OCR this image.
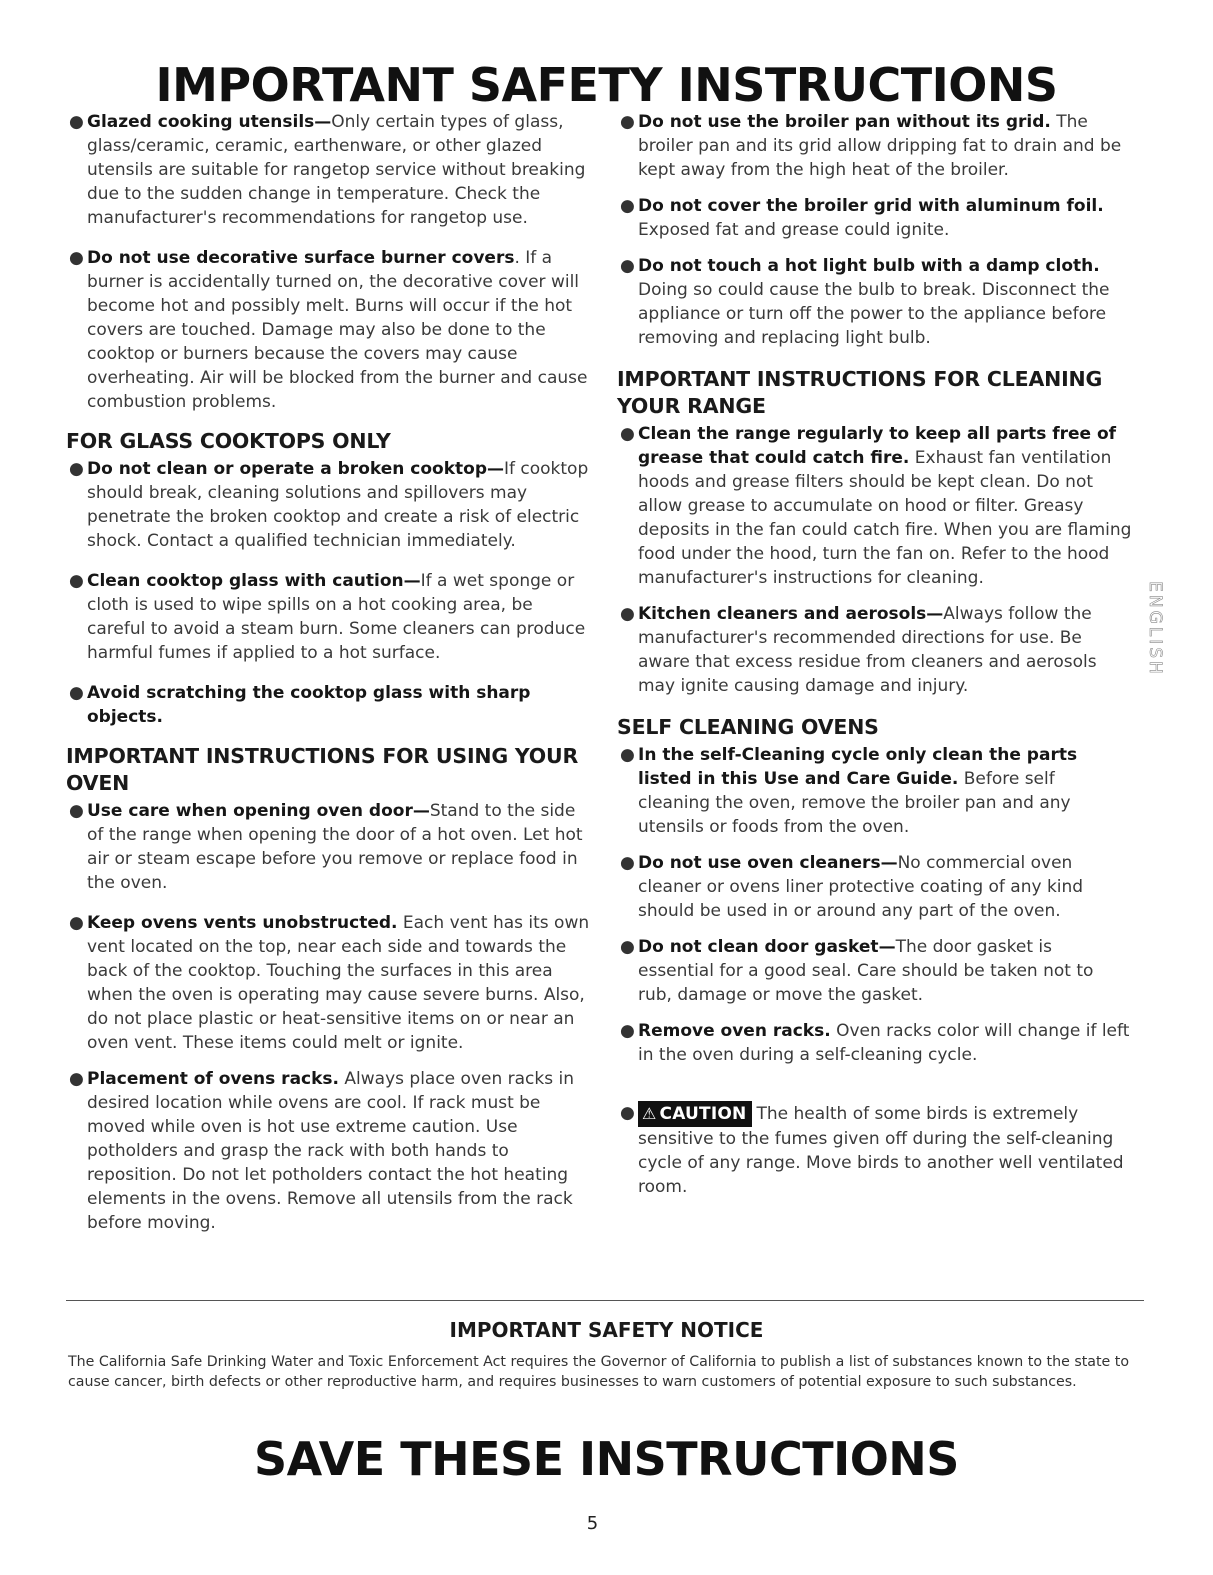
IMPORTANT SAFETY INSTRUCTIONS

● Glazed cooking utensils—Only certain types of glass, glass/ceramic, ceramic, earthenware, or other glazed utensils are suitable for rangetop service without breaking due to the sudden change in temperature. Check the manufacturer's recommendations for rangetop use.

● Do not use decorative surface burner covers. If a burner is accidentally turned on, the decorative cover will become hot and possibly melt. Burns will occur if the hot covers are touched. Damage may also be done to the cooktop or burners because the covers may cause overheating. Air will be blocked from the burner and cause combustion problems.

FOR GLASS COOKTOPS ONLY

● Do not clean or operate a broken cooktop—If cooktop should break, cleaning solutions and spillovers may penetrate the broken cooktop and create a risk of electric shock. Contact a qualified technician immediately.

● Clean cooktop glass with caution—If a wet sponge or cloth is used to wipe spills on a hot cooking area, be careful to avoid a steam burn. Some cleaners can produce harmful fumes if applied to a hot surface.

● Avoid scratching the cooktop glass with sharp objects.

IMPORTANT INSTRUCTIONS FOR USING YOUR OVEN

● Use care when opening oven door—Stand to the side of the range when opening the door of a hot oven. Let hot air or steam escape before you remove or replace food in the oven.

● Keep ovens vents unobstructed. Each vent has its own vent located on the top, near each side and towards the back of the cooktop. Touching the surfaces in this area when the oven is operating may cause severe burns. Also, do not place plastic or heat-sensitive items on or near an oven vent. These items could melt or ignite.

● Placement of ovens racks. Always place oven racks in desired location while ovens are cool. If rack must be moved while oven is hot use extreme caution. Use potholders and grasp the rack with both hands to reposition. Do not let potholders contact the hot heating elements in the ovens. Remove all utensils from the rack before moving.

● Do not use the broiler pan without its grid. The broiler pan and its grid allow dripping fat to drain and be kept away from the high heat of the broiler.

● Do not cover the broiler grid with aluminum foil. Exposed fat and grease could ignite.

● Do not touch a hot light bulb with a damp cloth. Doing so could cause the bulb to break. Disconnect the appliance or turn off the power to the appliance before removing and replacing light bulb.

IMPORTANT INSTRUCTIONS FOR CLEANING YOUR RANGE

● Clean the range regularly to keep all parts free of grease that could catch fire. Exhaust fan ventilation hoods and grease filters should be kept clean. Do not allow grease to accumulate on hood or filter. Greasy deposits in the fan could catch fire. When you are flaming food under the hood, turn the fan on. Refer to the hood manufacturer's instructions for cleaning.

● Kitchen cleaners and aerosols—Always follow the manufacturer's recommended directions for use. Be aware that excess residue from cleaners and aerosols may ignite causing damage and injury.

SELF CLEANING OVENS

● In the self-Cleaning cycle only clean the parts listed in this Use and Care Guide. Before self cleaning the oven, remove the broiler pan and any utensils or foods from the oven.

● Do not use oven cleaners—No commercial oven cleaner or ovens liner protective coating of any kind should be used in or around any part of the oven.

● Do not clean door gasket—The door gasket is essential for a good seal. Care should be taken not to rub, damage or move the gasket.

● Remove oven racks. Oven racks color will change if left in the oven during a self-cleaning cycle.

● ⚠ CAUTION The health of some birds is extremely sensitive to the fumes given off during the self-cleaning cycle of any range. Move birds to another well ventilated room.

ENGLISH
IMPORTANT SAFETY NOTICE

The California Safe Drinking Water and Toxic Enforcement Act requires the Governor of California to publish a list of substances known to the state to cause cancer, birth defects or other reproductive harm, and requires businesses to warn customers of potential exposure to such substances.

SAVE THESE INSTRUCTIONS
5
